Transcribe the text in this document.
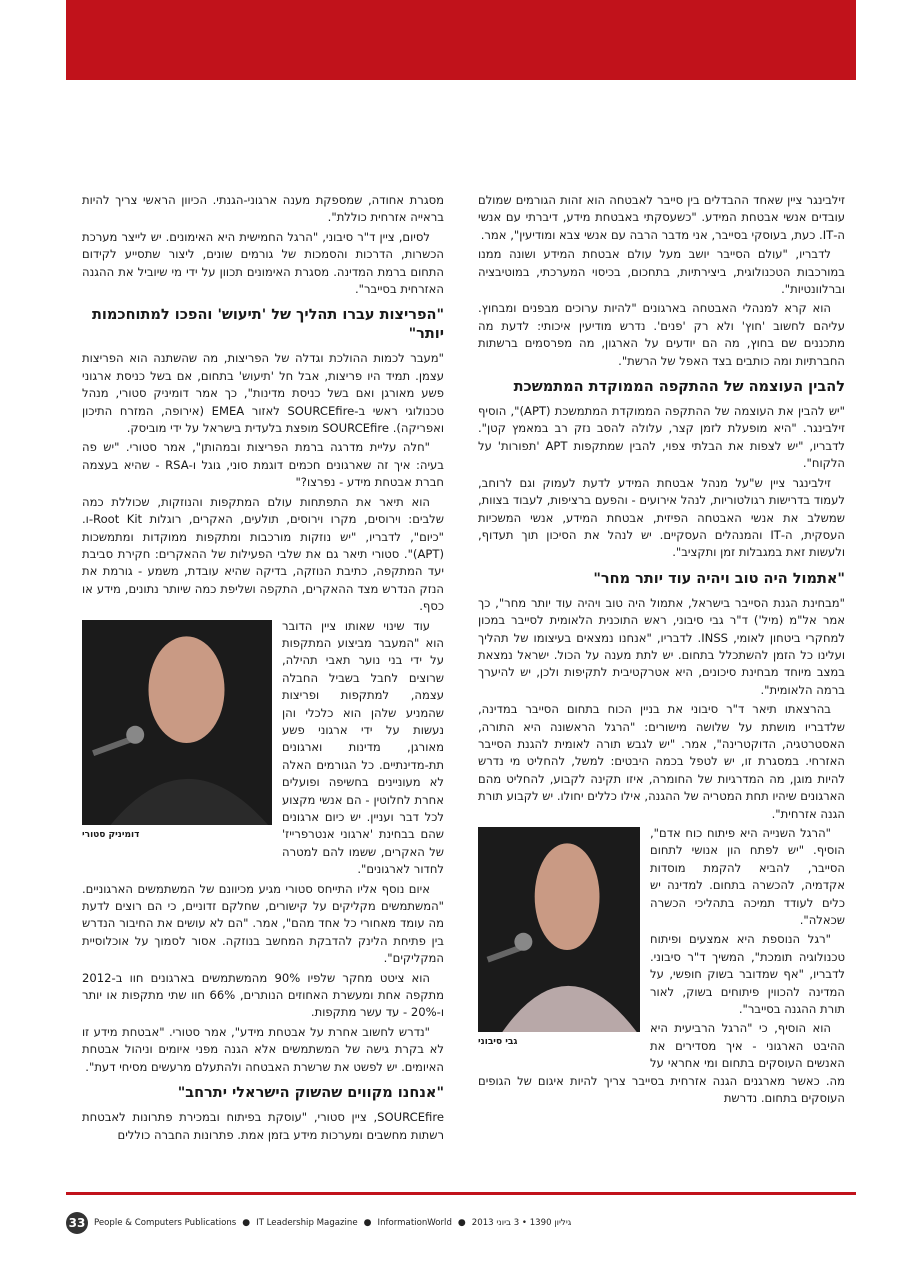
זילבינגר ציין שאחד ההבדלים בין סייבר לאבטחה הוא זהות הגורמים שמולם עובדים אנשי אבטחת המידע. "כשעסקתי באבטחת מידע, דיברתי עם אנשי ה-IT. כעת, בעוסקי בסייבר, אני מדבר הרבה עם אנשי צבא ומודיעין", אמר.

לדבריו, "עולם הסייבר יושב מעל עולם אבטחת המידע ושונה ממנו במורכבות הטכנולוגית, ביצירתיות, בתחכום, בכיסוי המערכתי, במוטיבציה וברלוונטיות".

הוא קרא למנהלי האבטחה בארגונים "להיות ערוכים מבפנים ומבחוץ. עליהם לחשוב 'חוץ' ולא רק 'פנים'. נדרש מודיעין איכותי: לדעת מה מתכננים שם בחוץ, מה הם יודעים על הארגון, מה מפרסמים ברשתות החברתיות ומה כותבים בצד האפל של הרשת".

להבין העוצמה של ההתקפה הממוקדת המתמשכת

"יש להבין את העוצמה של ההתקפה הממוקדת המתמשכת (APT)", הוסיף זילבינגר. "היא מופעלת לזמן קצר, עלולה להסב נזק רב במאמץ קטן". לדבריו, "יש לצפות את הבלתי צפוי, להבין שמתקפות APT 'תפורות' על הלקוח".

זילבינגר ציין ש"על מנהל אבטחת המידע לדעת לעמוק וגם לרוחב, לעמוד בדרישות רגולטוריות, לנהל אירועים - והפעם ברציפות, לעבוד בצוות, שמשלב את אנשי האבטחה הפיזית, אבטחת המידע, אנשי המשכיות העסקית, ה-IT והמנהלים העסקיים. יש לנהל את הסיכון תוך תעדוף, ולעשות זאת במגבלות זמן ותקציב".

"אתמול היה טוב ויהיה עוד יותר מחר"

"מבחינת הגנת הסייבר בישראל, אתמול היה טוב ויהיה עוד יותר מחר", כך אמר אל"מ (מיל') ד"ר גבי סיבוני, ראש התוכנית הלאומית לסייבר במכון למחקרי ביטחון לאומי, INSS. לדבריו, "אנחנו נמצאים בעיצומו של תהליך ועלינו כל הזמן להשתכלל בתחום. יש לתת מענה על הכול. ישראל נמצאת במצב מיוחד מבחינת סיכונים, היא אטרקטיבית לתקיפות ולכן, יש להיערך ברמה הלאומית".

בהרצאתו תיאר ד"ר סיבוני את בניין הכוח בתחום הסייבר במדינה, שלדבריו מושתת על שלושה מישורים: "הרגל הראשונה היא התורה, האסטרטגיה, הדוקטרינה", אמר. "יש לגבש תורה לאומית להגנת הסייבר האזרחי. במסגרת זו, יש לטפל בכמה היבטים: למשל, להחליט מי נדרש להיות מוגן, מה המדרגיות של החומרה, איזו תקינה לקבוע, להחליט מהם הארגונים שיהיו תחת המטריה של ההגנה, אילו כללים יחולו. יש לקבוע תורת הגנה אזרחית".

גבי סיבוני

"הרגל השנייה היא פיתוח כוח אדם", הוסיף. "יש לפתח הון אנושי לתחום הסייבר, להביא להקמת מוסדות אקדמיה, להכשרה בתחום. למדינה יש כלים לעודד תמיכה בתהליכי הכשרה שכאלה".

"רגל הנוספת היא אמצעים ופיתוח טכנולוגיה תומכת", המשיך ד"ר סיבוני. לדבריו, "אף שמדובר בשוק חופשי, על המדינה להכווין פיתוחים בשוק, לאור תורת ההגנה בסייבר".

הוא הוסיף, כי "הרגל הרביעית היא ההיבט הארגוני - איך מסדירים את האנשים העוסקים בתחום ומי אחראי על מה. כאשר מארגנים הגנה אזרחית בסייבר צריך להיות איגום של הגופים העוסקים בתחום. נדרשת

מסגרת אחודה, שמספקת מענה ארגוני-הגנתי. הכיוון הראשי צריך להיות בראייה אזרחית כוללת".

לסיום, ציין ד"ר סיבוני, "הרגל החמישית היא האימונים. יש לייצר מערכת הכשרות, הדרכות והסמכות של גורמים שונים, ליצור שתסייע לקידום התחום ברמת המדינה. מסגרת האימונים תכוון על ידי מי שיוביל את ההגנה האזרחית בסייבר".

"הפריצות עברו תהליך של 'תיעוש' והפכו למתוחכמות יותר"

"מעבר לכמות ההולכת וגדלה של הפריצות, מה שהשתנה הוא הפריצות עצמן. תמיד היו פריצות, אבל חל 'תיעוש' בתחום, אם בשל כניסת ארגוני פשע מאורגן ואם בשל כניסת מדינות", כך אמר דומיניק סטורי, מנהל טכנולוגי ראשי ב-SOURCEfire לאזור EMEA (אירופה, המזרח התיכון ואפריקה). SOURCEfire מופצת בלעדית בישראל על ידי מוביסק.

"חלה עליית מדרגה ברמת הפריצות ובמהותן", אמר סטורי. "יש פה בעיה: איך זה שארגונים חכמים דוגמת סוני, גוגל ו-RSA - שהיא בעצמה חברת אבטחת מידע - נפרצו?"

הוא תיאר את התפתחות עולם המתקפות והנוזקות, שכוללת כמה שלבים: וירוסים, מקרו וירוסים, תולעים, האקרים, רוגלות Root Kit-ו. "כיום", לדבריו, "יש נוזקות מורכבות ומתקפות ממוקדות ומתמשכות (APT)". סטורי תיאר גם את שלבי הפעילות של ההאקרים: חקירת סביבת יעד המתקפה, כתיבת הנוזקה, בדיקה שהיא עובדת, משמע - גורמת את הנזק הנדרש מצד ההאקרים, התקפה ושליפת כמה שיותר נתונים, מידע או כסף.

דומיניק סטורי

עוד שינוי שאותו ציין הדובר הוא "המעבר מביצוע המתקפות על ידי בני נוער תאבי תהילה, שרוצים לחבל בשביל החבלה עצמה, למתקפות ופריצות שהמניע שלהן הוא כלכלי והן נעשות על ידי ארגוני פשע מאורגן, מדינות וארגונים תת-מדינתיים. כל הגורמים האלה לא מעוניינים בחשיפה ופועלים אחרת לחלוטין - הם אנשי מקצוע לכל דבר ועניין. יש כיום ארגונים שהם בבחינת 'ארגוני אנטרפרייז' של האקרים, ששמו להם למטרה לחדור לארגונים".

איום נוסף אליו התייחס סטורי מגיע מכיוונם של המשתמשים הארגוניים. "המשתמשים מקליקים על קישורים, שחלקם זדוניים, כי הם רוצים לדעת מה עומד מאחורי כל אחד מהם", אמר. "הם לא עושים את החיבור הנדרש בין פתיחת הלינק להדבקת המחשב בנוזקה. אסור לסמוך על אוכלוסיית המקליקים".

הוא ציטט מחקר שלפיו 90% מהמשתמשים בארגונים חוו ב-2012 מתקפה אחת ומעשרת האחוזים הנותרים, 66% חוו שתי מתקפות או יותר ו-20% - עד עשר מתקפות.

"נדרש לחשוב אחרת על אבטחת מידע", אמר סטורי. "אבטחת מידע זו לא בקרת גישה של המשתמשים אלא הגנה מפני איומים וניהול אבטחת האיומים. יש לפשט את שרשרת האבטחה ולהתעלם מרעשים מסיחי דעת".

"אנחנו מקווים שהשוק הישראלי יתרחב"

SOURCEfire, ציין סטורי, "עוסקת בפיתוח ובמכירת פתרונות לאבטחת רשתות מחשבים ומערכות מידע בזמן אמת. פתרונות החברה כוללים

33	People & Computers Publications ● IT Leadership Magazine ● InformationWorld ● גיליון 1390 • 3 ביוני 2013
